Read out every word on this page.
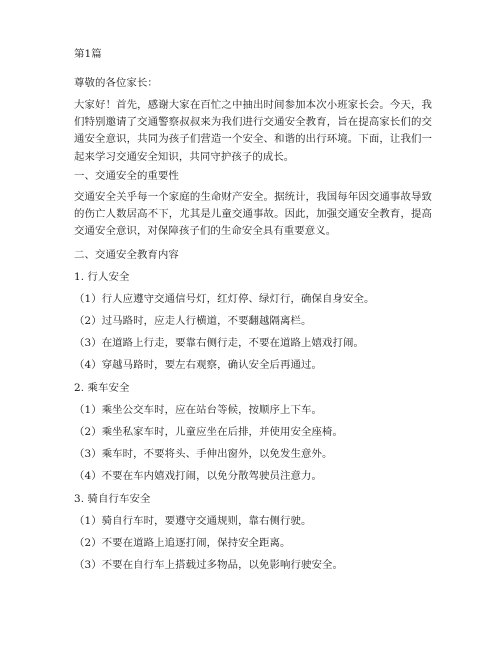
第1篇
尊敬的各位家长：
大家好！首先，感谢大家在百忙之中抽出时间参加本次小班家长会。今天，我们特别邀请了交通警察叔叔来为我们进行交通安全教育，旨在提高家长们的交通安全意识，共同为孩子们营造一个安全、和谐的出行环境。下面，让我们一起来学习交通安全知识，共同守护孩子的成长。
一、交通安全的重要性
交通安全关乎每一个家庭的生命财产安全。据统计，我国每年因交通事故导致的伤亡人数居高不下，尤其是儿童交通事故。因此，加强交通安全教育，提高交通安全意识，对保障孩子们的生命安全具有重要意义。
二、交通安全教育内容
1. 行人安全
（1）行人应遵守交通信号灯，红灯停、绿灯行，确保自身安全。
（2）过马路时，应走人行横道，不要翻越隔离栏。
（3）在道路上行走，要靠右侧行走，不要在道路上嬉戏打闹。
（4）穿越马路时，要左右观察，确认安全后再通过。
2. 乘车安全
（1）乘坐公交车时，应在站台等候，按顺序上下车。
（2）乘坐私家车时，儿童应坐在后排，并使用安全座椅。
（3）乘车时，不要将头、手伸出窗外，以免发生意外。
（4）不要在车内嬉戏打闹，以免分散驾驶员注意力。
3. 骑自行车安全
（1）骑自行车时，要遵守交通规则，靠右侧行驶。
（2）不要在道路上追逐打闹，保持安全距离。
（3）不要在自行车上搭载过多物品，以免影响行驶安全。
